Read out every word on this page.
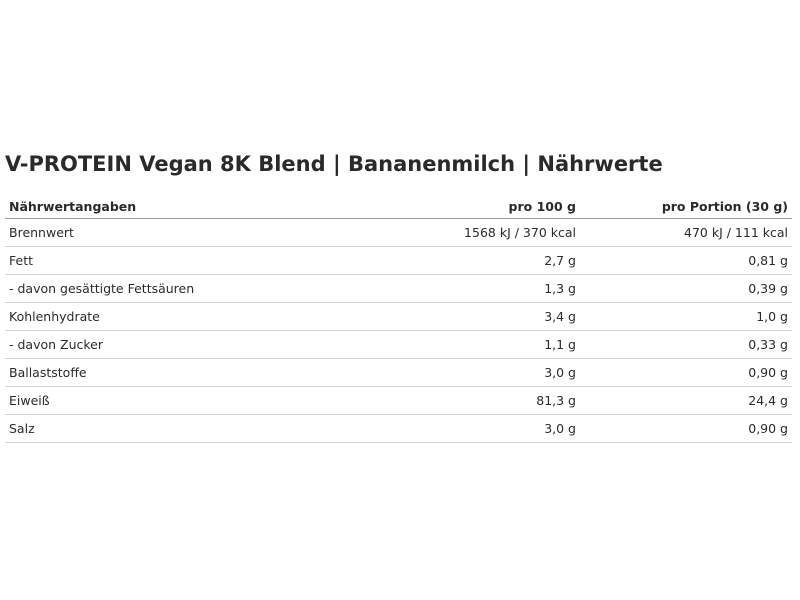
V-PROTEIN Vegan 8K Blend | Bananenmilch | Nährwerte
Nährwertangaben	pro 100 g	pro Portion (30 g)
Brennwert	1568 kJ / 370 kcal	470 kJ / 111 kcal
Fett	2,7 g	0,81 g
- davon gesättigte Fettsäuren	1,3 g	0,39 g
Kohlenhydrate	3,4 g	1,0 g
- davon Zucker	1,1 g	0,33 g
Ballaststoffe	3,0 g	0,90 g
Eiweiß	81,3 g	24,4 g
Salz	3,0 g	0,90 g
